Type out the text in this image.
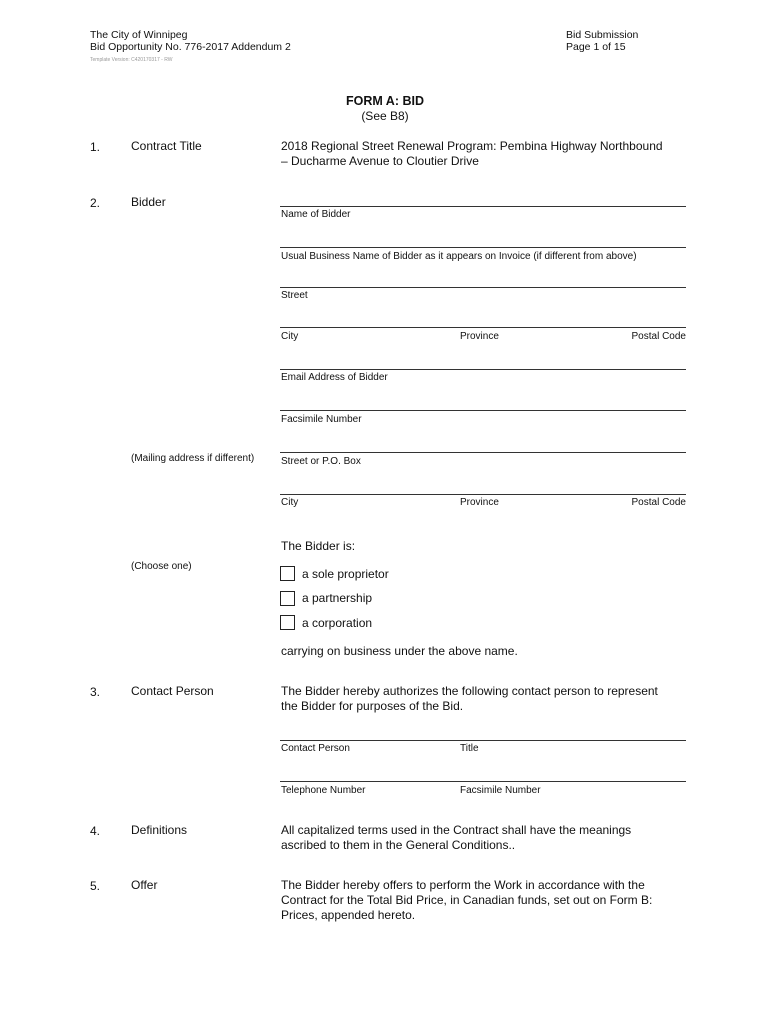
The City of Winnipeg
Bid Opportunity No. 776-2017 Addendum 2
Template Version: C420170317 - RW
Bid Submission
Page 1 of 15
FORM A: BID
(See B8)
1.	Contract Title	2018 Regional Street Renewal Program: Pembina Highway Northbound
– Ducharme Avenue to Cloutier Drive
2.	Bidder
Name of Bidder
Usual Business Name of Bidder as it appears on Invoice (if different from above)
Street
City	Province	Postal Code
Email Address of Bidder
Facsimile Number
(Mailing address if different)	Street or P.O. Box
City	Province	Postal Code
The Bidder is:
(Choose one)
a sole proprietor
a partnership
a corporation
carrying on business under the above name.
3.	Contact Person	The Bidder hereby authorizes the following contact person to represent
the Bidder for purposes of the Bid.
Contact Person	Title
Telephone Number	Facsimile Number
4.	Definitions	All capitalized terms used in the Contract shall have the meanings
ascribed to them in the General Conditions..
5.	Offer	The Bidder hereby offers to perform the Work in accordance with the
Contract for the Total Bid Price, in Canadian funds, set out on Form B:
Prices, appended hereto.
